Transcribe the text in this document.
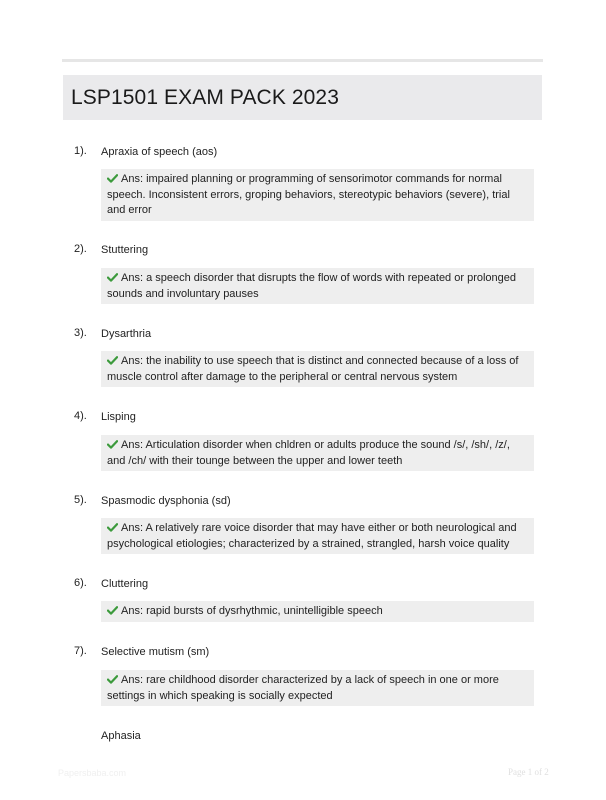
LSP1501 EXAM PACK 2023
1). Apraxia of speech (aos)
Ans: impaired planning or programming of sensorimotor commands for normal speech. Inconsistent errors, groping behaviors, stereotypic behaviors (severe), trial and error
2). Stuttering
Ans: a speech disorder that disrupts the flow of words with repeated or prolonged sounds and involuntary pauses
3). Dysarthria
Ans: the inability to use speech that is distinct and connected because of a loss of muscle control after damage to the peripheral or central nervous system
4). Lisping
Ans: Articulation disorder when chldren or adults produce the sound /s/, /sh/, /z/, and /ch/ with their tounge between the upper and lower teeth
5). Spasmodic dysphonia (sd)
Ans: A relatively rare voice disorder that may have either or both neurological and psychological etiologies; characterized by a strained, strangled, harsh voice quality
6). Cluttering
Ans: rapid bursts of dysrhythmic, unintelligible speech
7). Selective mutism (sm)
Ans: rare childhood disorder characterized by a lack of speech in one or more settings in which speaking is socially expected
Aphasia
Papersbaba.com	Page 1 of 2
